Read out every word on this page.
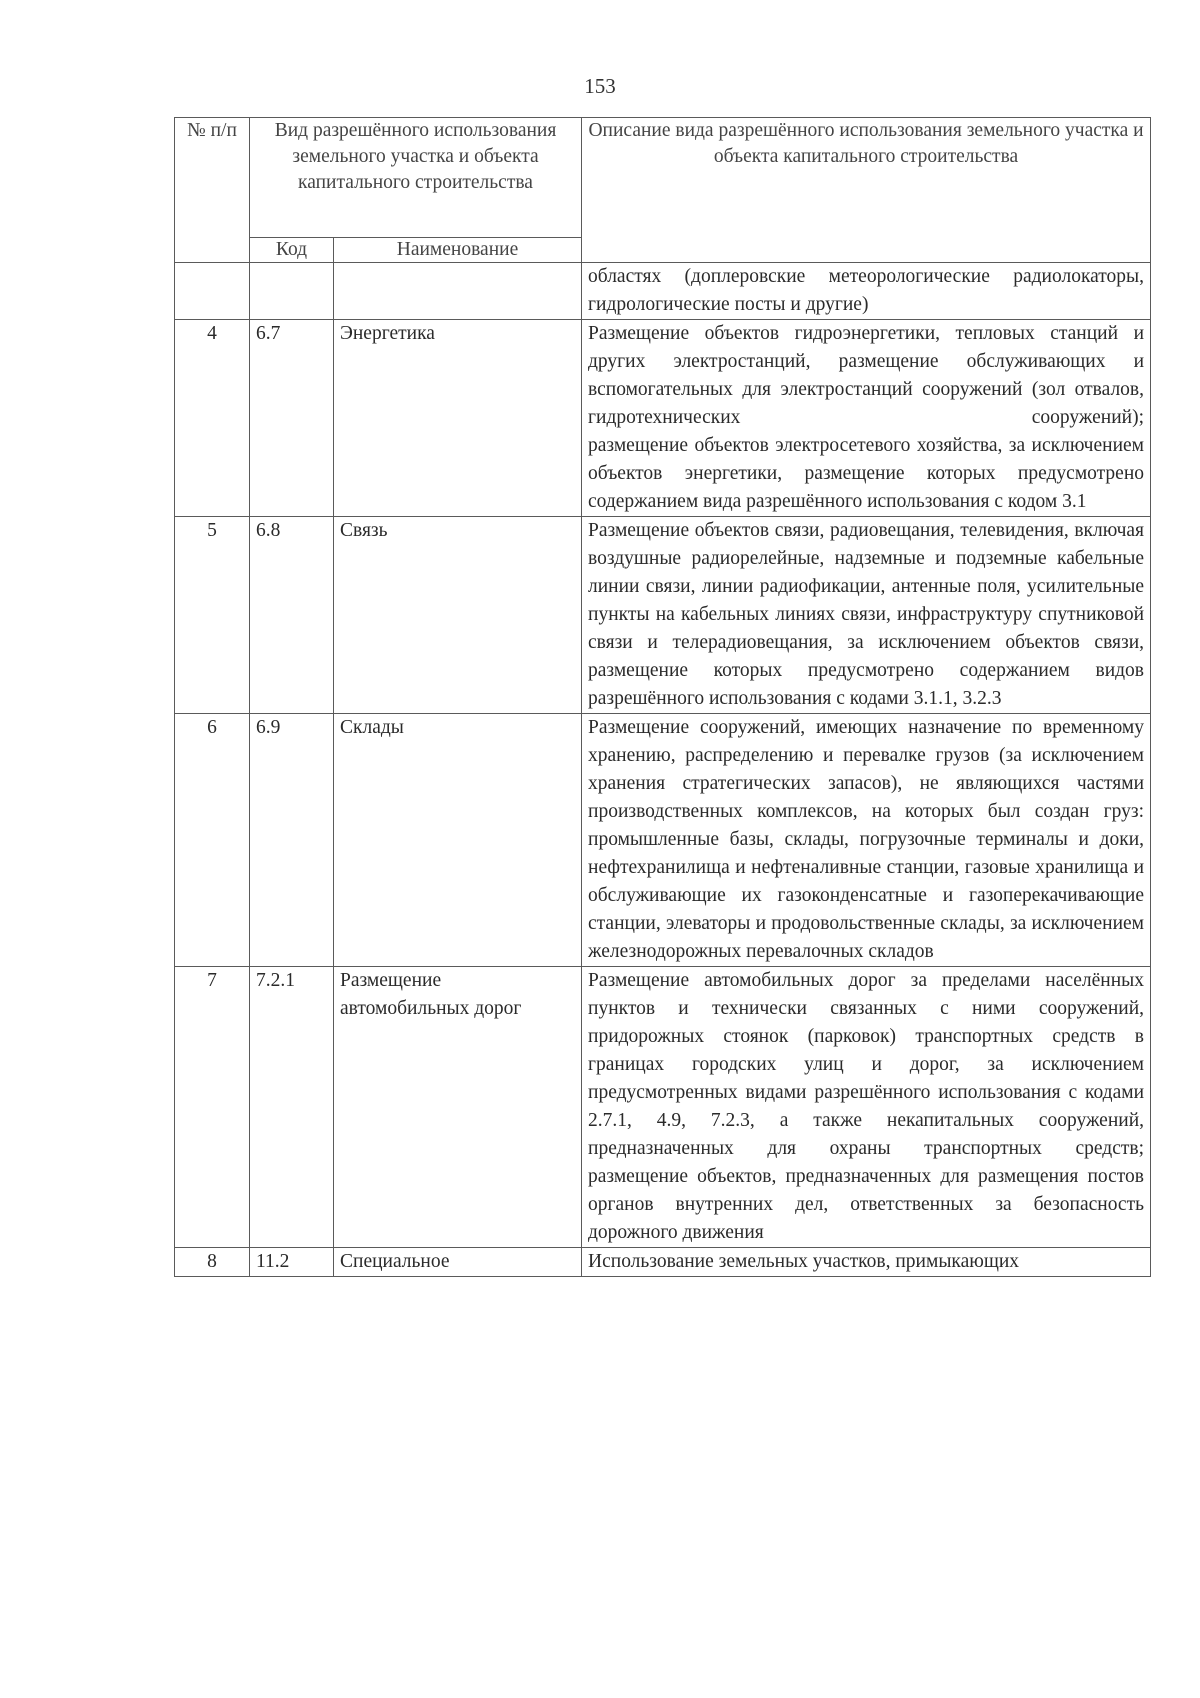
153
№ п/п	Вид разрешённого использования земельного участка и объекта капитального строительства		Описание вида разрешённого использования земельного участка и объекта капитального строительства
	Код	Наименование	

			областях (доплеровские метеорологические радиолокаторы, гидрологические посты и другие)

4	6.7	Энергетика	Размещение объектов гидроэнергетики, тепловых станций и других электростанций, размещение обслуживающих и вспомогательных для электростанций сооружений (зол отвалов, гидротехнических сооружений);
размещение объектов электросетевого хозяйства, за исключением объектов энергетики, размещение которых предусмотрено содержанием вида разрешённого использования с кодом 3.1

5	6.8	Связь	Размещение объектов связи, радиовещания, телевидения, включая воздушные радиорелейные, надземные и подземные кабельные линии связи, линии радиофикации, антенные поля, усилительные пункты на кабельных линиях связи, инфраструктуру спутниковой связи и телерадиовещания, за исключением объектов связи, размещение которых предусмотрено содержанием видов разрешённого использования с кодами 3.1.1, 3.2.3

6	6.9	Склады	Размещение сооружений, имеющих назначение по временному хранению, распределению и перевалке грузов (за исключением хранения стратегических запасов), не являющихся частями производственных комплексов, на которых был создан груз: промышленные базы, склады, погрузочные терминалы и доки, нефтехранилища и нефтеналивные станции, газовые хранилища и обслуживающие их газоконденсатные и газоперекачивающие станции, элеваторы и продовольственные склады, за исключением железнодорожных перевалочных складов

7	7.2.1	Размещение автомобильных дорог	Размещение автомобильных дорог за пределами населённых пунктов и технически связанных с ними сооружений, придорожных стоянок (парковок) транспортных средств в границах городских улиц и дорог, за исключением предусмотренных видами разрешённого использования с кодами 2.7.1, 4.9, 7.2.3, а также некапитальных сооружений, предназначенных для охраны транспортных средств;
размещение объектов, предназначенных для размещения постов органов внутренних дел, ответственных за безопасность дорожного движения

8	11.2	Специальное	Использование земельных участков, примыкающих
